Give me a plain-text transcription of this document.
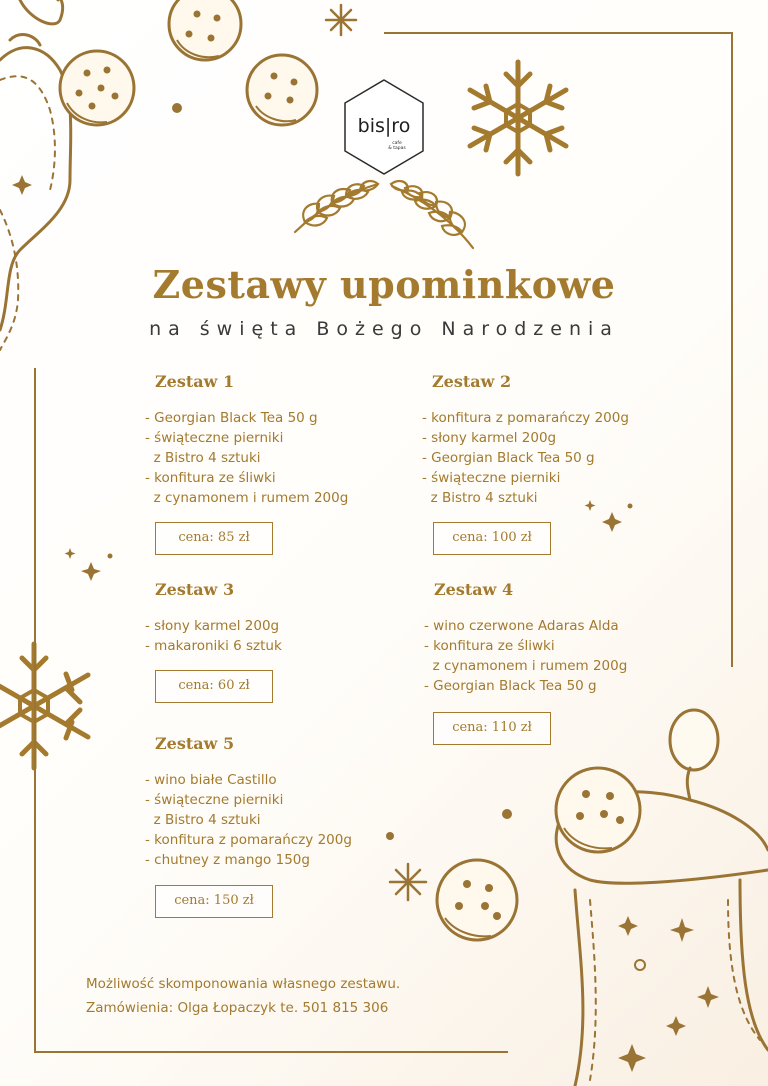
bis|ro
cafe
& tapas
Zestawy upominkowe
na święta Bożego Narodzenia
Zestaw 1
- Georgian Black Tea 50 g
- świąteczne pierniki
z Bistro 4 sztuki
- konfitura ze śliwki
z cynamonem i rumem 200g
cena: 85 zł
Zestaw 2
- konfitura z pomarańczy 200g
- słony karmel 200g
- Georgian Black Tea 50 g
- świąteczne pierniki
z Bistro 4 sztuki
cena: 100 zł
Zestaw 3
- słony karmel 200g
- makaroniki 6 sztuk
cena: 60 zł
Zestaw 4
- wino czerwone Adaras Alda
- konfitura ze śliwki
z cynamonem i rumem 200g
- Georgian Black Tea 50 g
cena: 110 zł
Zestaw 5
- wino białe Castillo
- świąteczne pierniki
z Bistro 4 sztuki
- konfitura z pomarańczy 200g
- chutney z mango 150g
cena: 150 zł
Możliwość skomponowania własnego zestawu.
Zamówienia: Olga Łopaczyk te. 501 815 306
